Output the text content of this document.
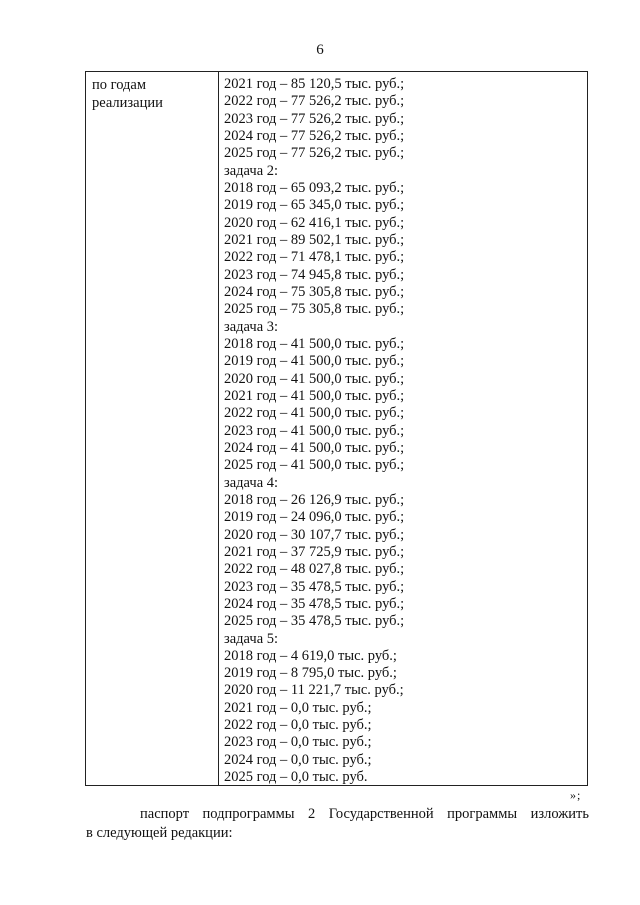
6
по годам
реализации
2021 год – 85 120,5 тыс. руб.;
2022 год – 77 526,2 тыс. руб.;
2023 год – 77 526,2 тыс. руб.;
2024 год – 77 526,2 тыс. руб.;
2025 год – 77 526,2 тыс. руб.;
задача 2:
2018 год – 65 093,2 тыс. руб.;
2019 год – 65 345,0 тыс. руб.;
2020 год – 62 416,1 тыс. руб.;
2021 год – 89 502,1 тыс. руб.;
2022 год – 71 478,1 тыс. руб.;
2023 год – 74 945,8 тыс. руб.;
2024 год – 75 305,8 тыс. руб.;
2025 год – 75 305,8 тыс. руб.;
задача 3:
2018 год – 41 500,0 тыс. руб.;
2019 год – 41 500,0 тыс. руб.;
2020 год – 41 500,0 тыс. руб.;
2021 год – 41 500,0 тыс. руб.;
2022 год – 41 500,0 тыс. руб.;
2023 год – 41 500,0 тыс. руб.;
2024 год – 41 500,0 тыс. руб.;
2025 год – 41 500,0 тыс. руб.;
задача 4:
2018 год – 26 126,9 тыс. руб.;
2019 год – 24 096,0 тыс. руб.;
2020 год – 30 107,7 тыс. руб.;
2021 год – 37 725,9 тыс. руб.;
2022 год – 48 027,8 тыс. руб.;
2023 год – 35 478,5 тыс. руб.;
2024 год – 35 478,5 тыс. руб.;
2025 год – 35 478,5 тыс. руб.;
задача 5:
2018 год – 4 619,0 тыс. руб.;
2019 год – 8 795,0 тыс. руб.;
2020 год – 11 221,7 тыс. руб.;
2021 год – 0,0 тыс. руб.;
2022 год – 0,0 тыс. руб.;
2023 год – 0,0 тыс. руб.;
2024 год – 0,0 тыс. руб.;
2025 год – 0,0 тыс. руб.
»;
паспорт подпрограммы 2 Государственной программы изложить
в следующей редакции:
